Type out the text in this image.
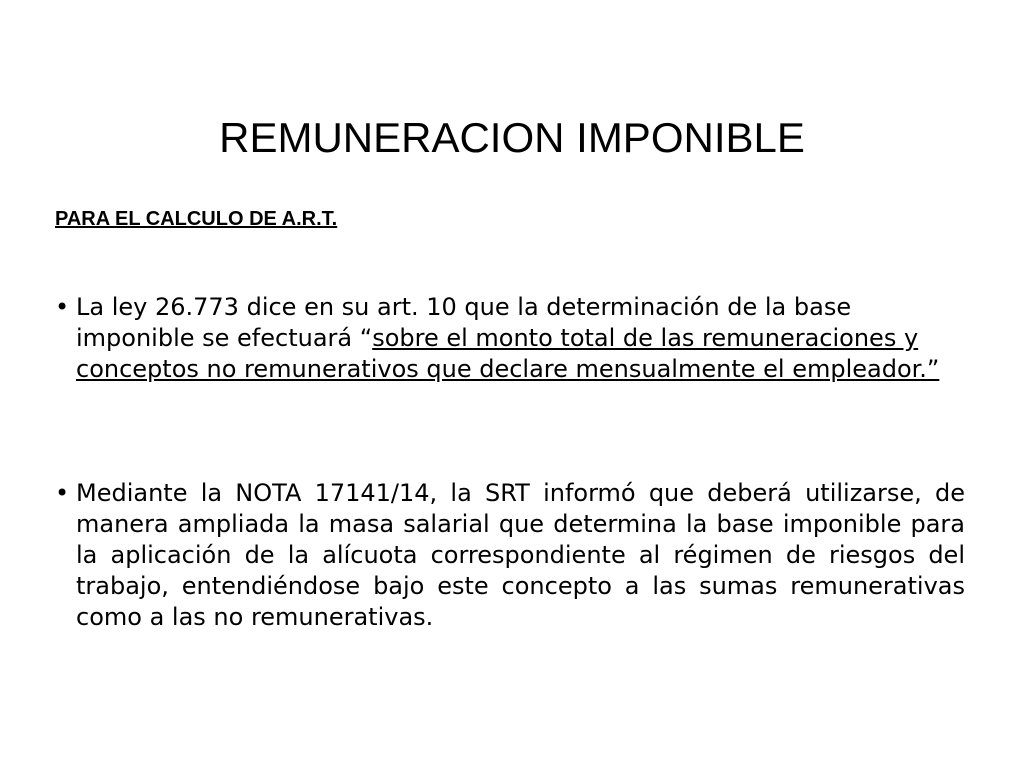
REMUNERACION IMPONIBLE
PARA EL CALCULO DE A.R.T.
• La ley 26.773 dice en su art. 10 que la determinación de la base imponible se efectuará “sobre el monto total de las remuneraciones y conceptos no remunerativos que declare mensualmente el empleador.”
• Mediante la NOTA 17141/14, la SRT informó que deberá utilizarse, de manera ampliada la masa salarial que determina la base imponible para la aplicación de la alícuota correspondiente al régimen de riesgos del trabajo, entendiéndose bajo este concepto a las sumas remunerativas como a las no remunerativas.
